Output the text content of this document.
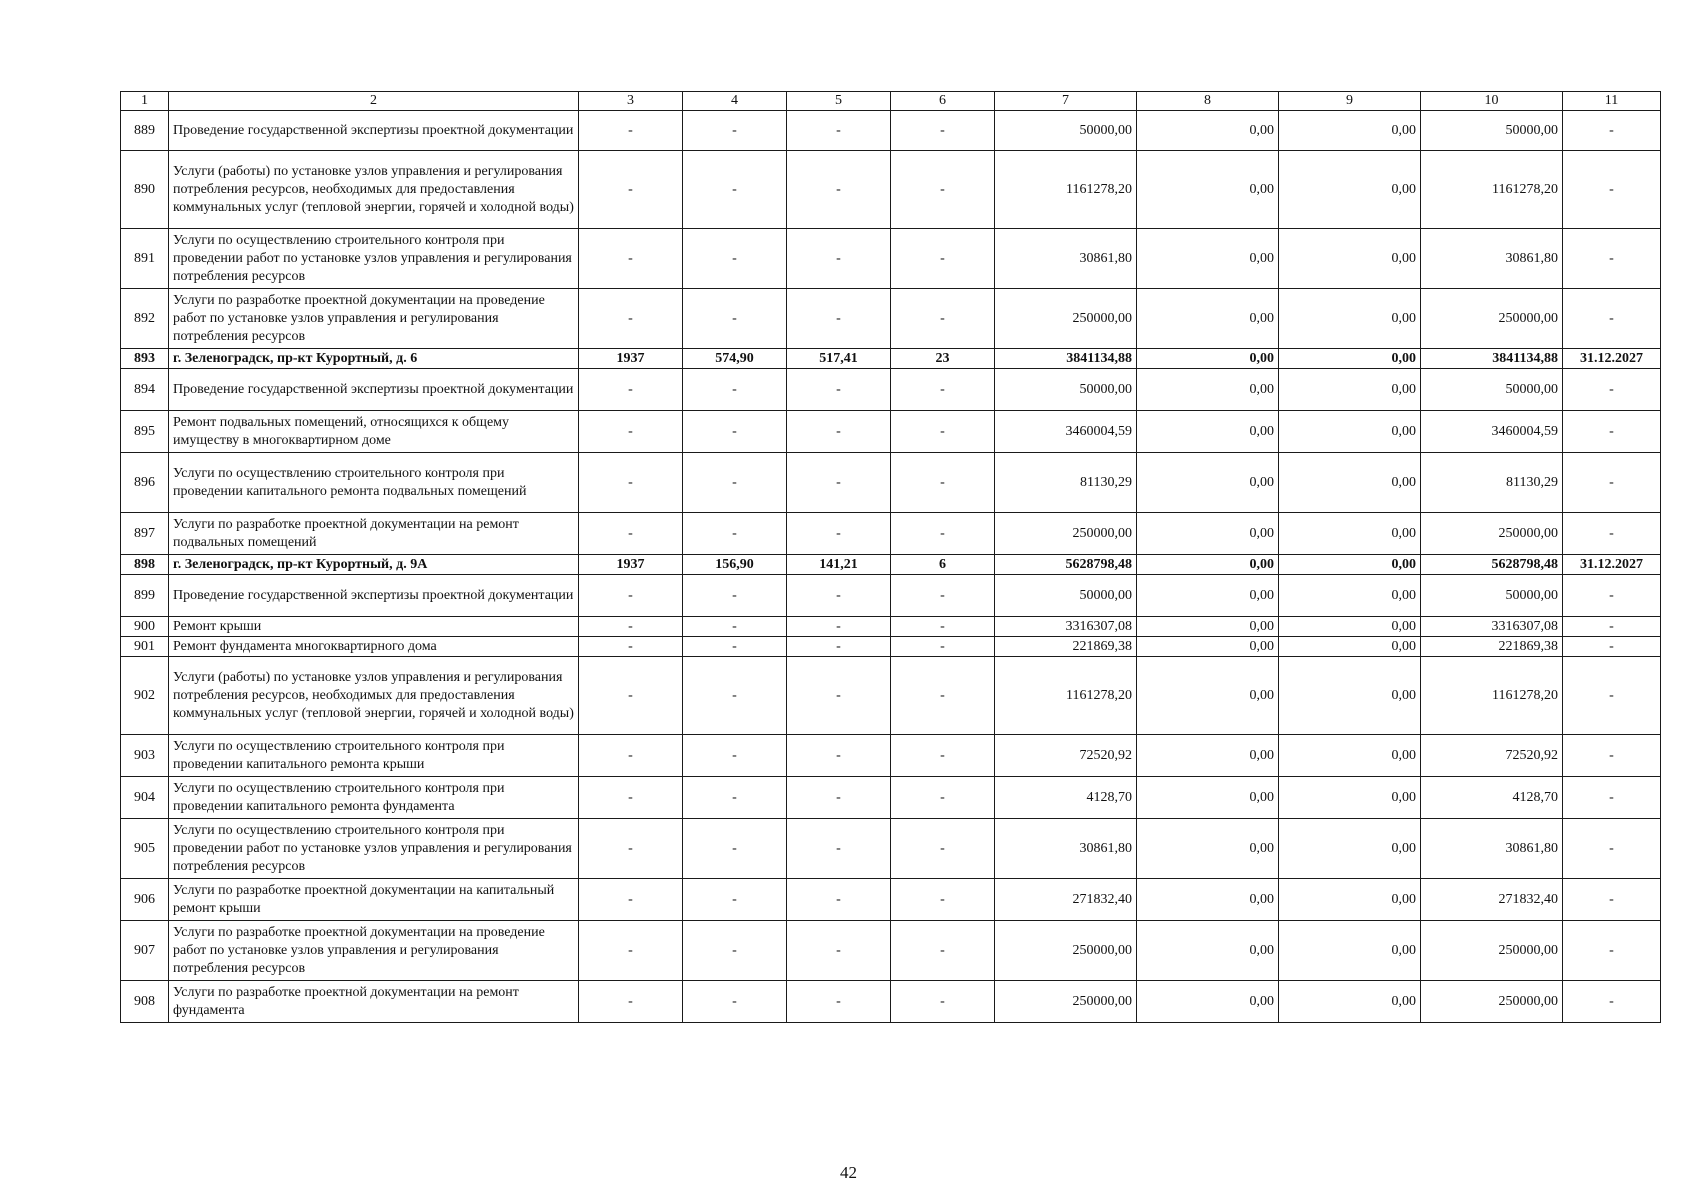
1	2	3	4	5	6	7	8	9	10	11
889	Проведение государственной экспертизы проектной документации	-	-	-	-	50000,00	0,00	0,00	50000,00	-
890	Услуги (работы) по установке узлов управления и регулирования потребления ресурсов, необходимых для предоставления коммунальных услуг (тепловой энергии, горячей и холодной воды)	-	-	-	-	1161278,20	0,00	0,00	1161278,20	-
891	Услуги по осуществлению строительного контроля при проведении работ по установке узлов управления и регулирования потребления ресурсов	-	-	-	-	30861,80	0,00	0,00	30861,80	-
892	Услуги по разработке проектной документации на проведение работ по установке узлов управления и регулирования потребления ресурсов	-	-	-	-	250000,00	0,00	0,00	250000,00	-
893	г. Зеленоградск, пр-кт Курортный, д. 6	1937	574,90	517,41	23	3841134,88	0,00	0,00	3841134,88	31.12.2027
894	Проведение государственной экспертизы проектной документации	-	-	-	-	50000,00	0,00	0,00	50000,00	-
895	Ремонт подвальных помещений, относящихся к общему имуществу в многоквартирном доме	-	-	-	-	3460004,59	0,00	0,00	3460004,59	-
896	Услуги по осуществлению строительного контроля при проведении капитального ремонта подвальных помещений	-	-	-	-	81130,29	0,00	0,00	81130,29	-
897	Услуги по разработке проектной документации на ремонт подвальных помещений	-	-	-	-	250000,00	0,00	0,00	250000,00	-
898	г. Зеленоградск, пр-кт Курортный, д. 9А	1937	156,90	141,21	6	5628798,48	0,00	0,00	5628798,48	31.12.2027
899	Проведение государственной экспертизы проектной документации	-	-	-	-	50000,00	0,00	0,00	50000,00	-
900	Ремонт крыши	-	-	-	-	3316307,08	0,00	0,00	3316307,08	-
901	Ремонт фундамента многоквартирного дома	-	-	-	-	221869,38	0,00	0,00	221869,38	-
902	Услуги (работы) по установке узлов управления и регулирования потребления ресурсов, необходимых для предоставления коммунальных услуг (тепловой энергии, горячей и холодной воды)	-	-	-	-	1161278,20	0,00	0,00	1161278,20	-
903	Услуги по осуществлению строительного контроля при проведении капитального ремонта крыши	-	-	-	-	72520,92	0,00	0,00	72520,92	-
904	Услуги по осуществлению строительного контроля при проведении капитального ремонта фундамента	-	-	-	-	4128,70	0,00	0,00	4128,70	-
905	Услуги по осуществлению строительного контроля при проведении работ по установке узлов управления и регулирования потребления ресурсов	-	-	-	-	30861,80	0,00	0,00	30861,80	-
906	Услуги по разработке проектной документации на капитальный ремонт крыши	-	-	-	-	271832,40	0,00	0,00	271832,40	-
907	Услуги по разработке проектной документации на проведение работ по установке узлов управления и регулирования потребления ресурсов	-	-	-	-	250000,00	0,00	0,00	250000,00	-
908	Услуги по разработке проектной документации на ремонт фундамента	-	-	-	-	250000,00	0,00	0,00	250000,00	-
42
